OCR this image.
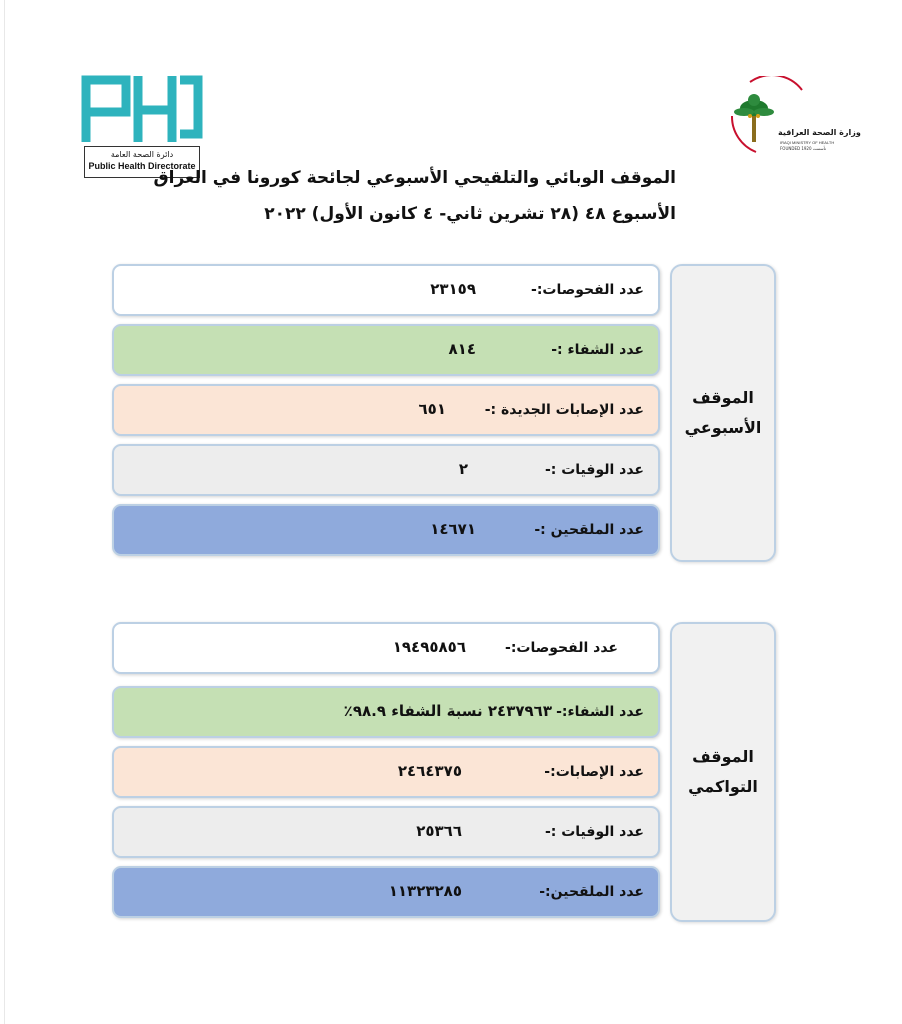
دائرة الصحة العامة
Public Health Directorate
وزارة الصحة العراقية
IRAQI MINISTRY OF HEALTH
FOUNDED 1920 تأسست
الموقف الوبائي والتلقيحي الأسبوعي لجائحة كورونا في العراق
الأسبوع ٤٨ (٢٨ تشرين ثاني- ٤ كانون الأول) ٢٠٢٢
الموقف
الأسبوعي
عدد الفحوصات:-
٢٣١٥٩
عدد الشفاء :-
٨١٤
عدد الإصابات الجديدة :-
٦٥١
عدد الوفيات :-
٢
عدد الملقحين :-
١٤٦٧١
الموقف
التواكمي
عدد الفحوصات:-
١٩٤٩٥٨٥٦
عدد الشفاء:-
٢٤٣٧٩٦٣ نسبة الشفاء ٩٨.٩٪
عدد الإصابات:-
٢٤٦٤٣٧٥
عدد الوفيات :-
٢٥٣٦٦
عدد الملقحين:-
١١٣٢٣٢٨٥
